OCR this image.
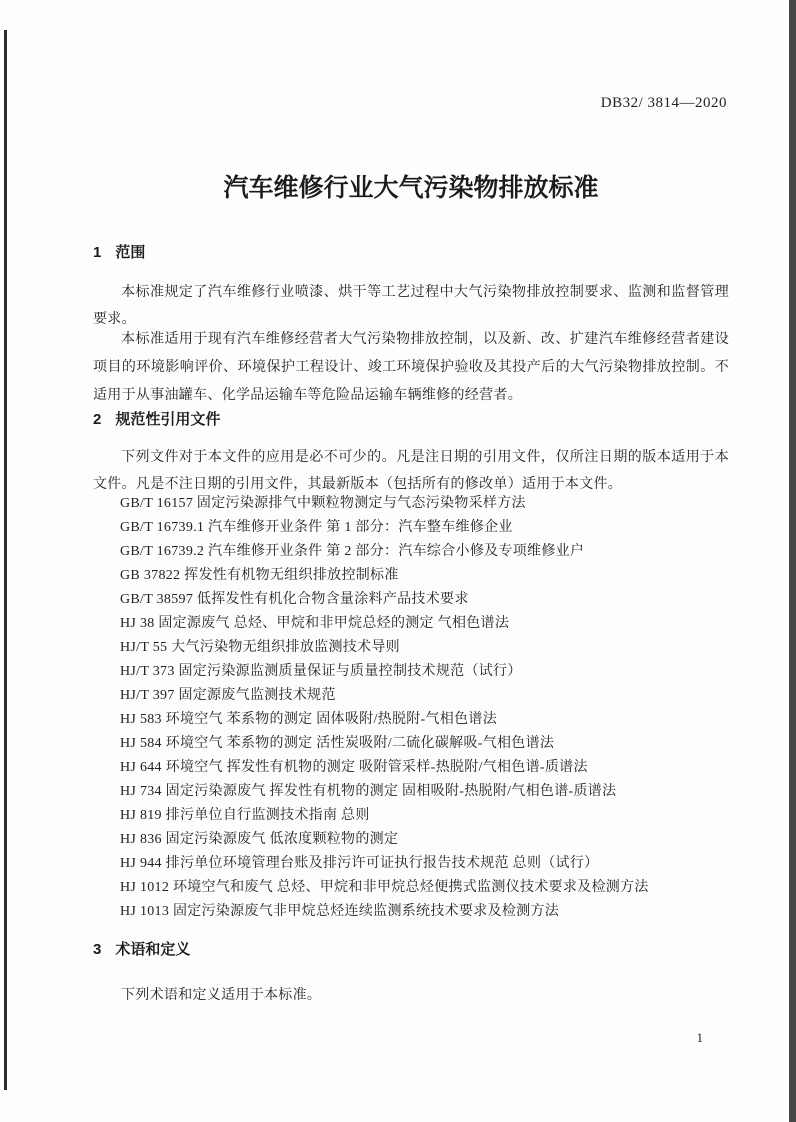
DB32/ 3814—2020
汽车维修行业大气污染物排放标准
1 范围

本标准规定了汽车维修行业喷漆、烘干等工艺过程中大气污染物排放控制要求、监测和监督管理要求。

本标准适用于现有汽车维修经营者大气污染物排放控制，以及新、改、扩建汽车维修经营者建设项目的环境影响评价、环境保护工程设计、竣工环境保护验收及其投产后的大气污染物排放控制。不适用于从事油罐车、化学品运输车等危险品运输车辆维修的经营者。

2 规范性引用文件

下列文件对于本文件的应用是必不可少的。凡是注日期的引用文件，仅所注日期的版本适用于本文件。凡是不注日期的引用文件，其最新版本（包括所有的修改单）适用于本文件。

GB/T 16157 固定污染源排气中颗粒物测定与气态污染物采样方法
GB/T 16739.1 汽车维修开业条件 第 1 部分：汽车整车维修企业
GB/T 16739.2 汽车维修开业条件 第 2 部分：汽车综合小修及专项维修业户
GB 37822 挥发性有机物无组织排放控制标准
GB/T 38597 低挥发性有机化合物含量涂料产品技术要求
HJ 38 固定源废气 总烃、甲烷和非甲烷总烃的测定 气相色谱法
HJ/T 55 大气污染物无组织排放监测技术导则
HJ/T 373 固定污染源监测质量保证与质量控制技术规范（试行）
HJ/T 397 固定源废气监测技术规范
HJ 583 环境空气 苯系物的测定 固体吸附/热脱附-气相色谱法
HJ 584 环境空气 苯系物的测定 活性炭吸附/二硫化碳解吸-气相色谱法
HJ 644 环境空气 挥发性有机物的测定 吸附管采样-热脱附/气相色谱-质谱法
HJ 734 固定污染源废气 挥发性有机物的测定 固相吸附-热脱附/气相色谱-质谱法
HJ 819 排污单位自行监测技术指南 总则
HJ 836 固定污染源废气 低浓度颗粒物的测定
HJ 944 排污单位环境管理台账及排污许可证执行报告技术规范 总则（试行）
HJ 1012 环境空气和废气 总烃、甲烷和非甲烷总烃便携式监测仪技术要求及检测方法
HJ 1013 固定污染源废气非甲烷总烃连续监测系统技术要求及检测方法
3 术语和定义

下列术语和定义适用于本标准。

1
